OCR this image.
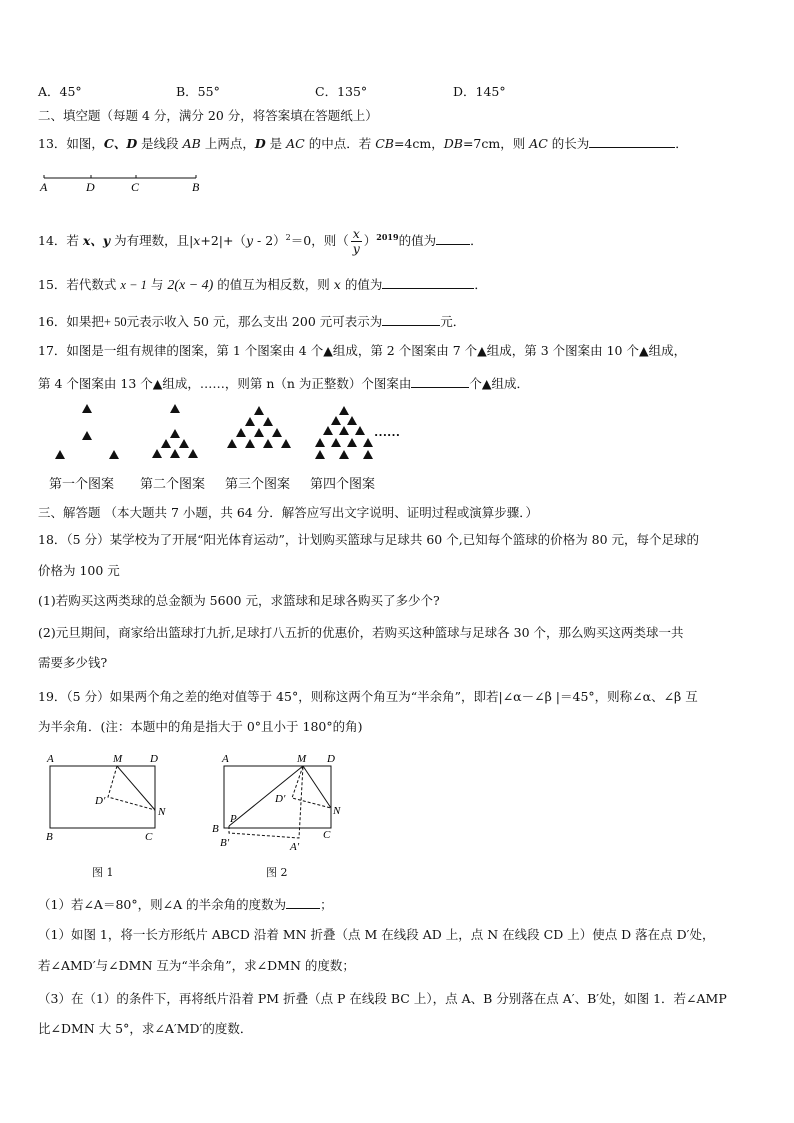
A．45°	B．55°	C．135°	D．145°
二、填空题（每题 4 分，满分 20 分，将答案填在答题纸上）
13．如图，C、D 是线段 AB 上两点，D 是 AC 的中点．若 CB=4cm，DB=7cm，则 AC 的长为	．
A	D	C	B
14．若 x、y 为有理数，且|x+2|+（y - 2）$^2$＝0，则（ $\frac{x}{y} )^{2019}$的值为	．
15．若代数式 x − 1 与 2(x − 4) 的值互为相反数，则 x 的值为	．
16．如果把+ 50元表示收入 50 元，那么支出 200 元可表示为	元．
17．如图是一组有规律的图案，第 1 个图案由 4 个▲组成，第 2 个图案由 7 个▲组成，第 3 个图案由 10 个▲组成，
第 4 个图案由 13 个▲组成，……，则第 n（n 为正整数）个图案由	个▲组成．
……
第一个图案 第二个图案 第三个图案 第四个图案
三、解答题 （本大题共 7 小题，共 64 分．解答应写出文字说明、证明过程或演算步骤．）
18．（5 分）某学校为了开展“阳光体育运动”，计划购买篮球与足球共 60 个,已知每个篮球的价格为 80 元，每个足球的
价格为 100 元
(1)若购买这两类球的总金额为 5600 元，求篮球和足球各购买了多少个?
(2)元旦期间，商家给出篮球打九折,足球打八五折的优惠价，若购买这种篮球与足球各 30 个，那么购买这两类球一共
需要多少钱?
19．（5 分）如果两个角之差的绝对值等于 45°，则称这两个角互为“半余角”，即若|∠α－∠β |＝45°，则称∠α、∠β 互
为半余角．(注：本题中的角是指大于 0°且小于 180°的角)
A	M	D
D′
N
B	C
图 1
A	M D
D′
N
B
P
C
B′	A′
图 2
（1）若∠A＝80°，则∠A 的半余角的度数为	；
（1）如图 1，将一长方形纸片 ABCD 沿着 MN 折叠（点 M 在线段 AD 上，点 N 在线段 CD 上）使点 D 落在点 D′处，
若∠AMD′与∠DMN 互为“半余角”，求∠DMN 的度数；
（3）在（1）的条件下，再将纸片沿着 PM 折叠（点 P 在线段 BC 上），点 A、B 分别落在点 A′、B′处，如图 1．若∠AMP
比∠DMN 大 5°，求∠A′MD′的度数．
